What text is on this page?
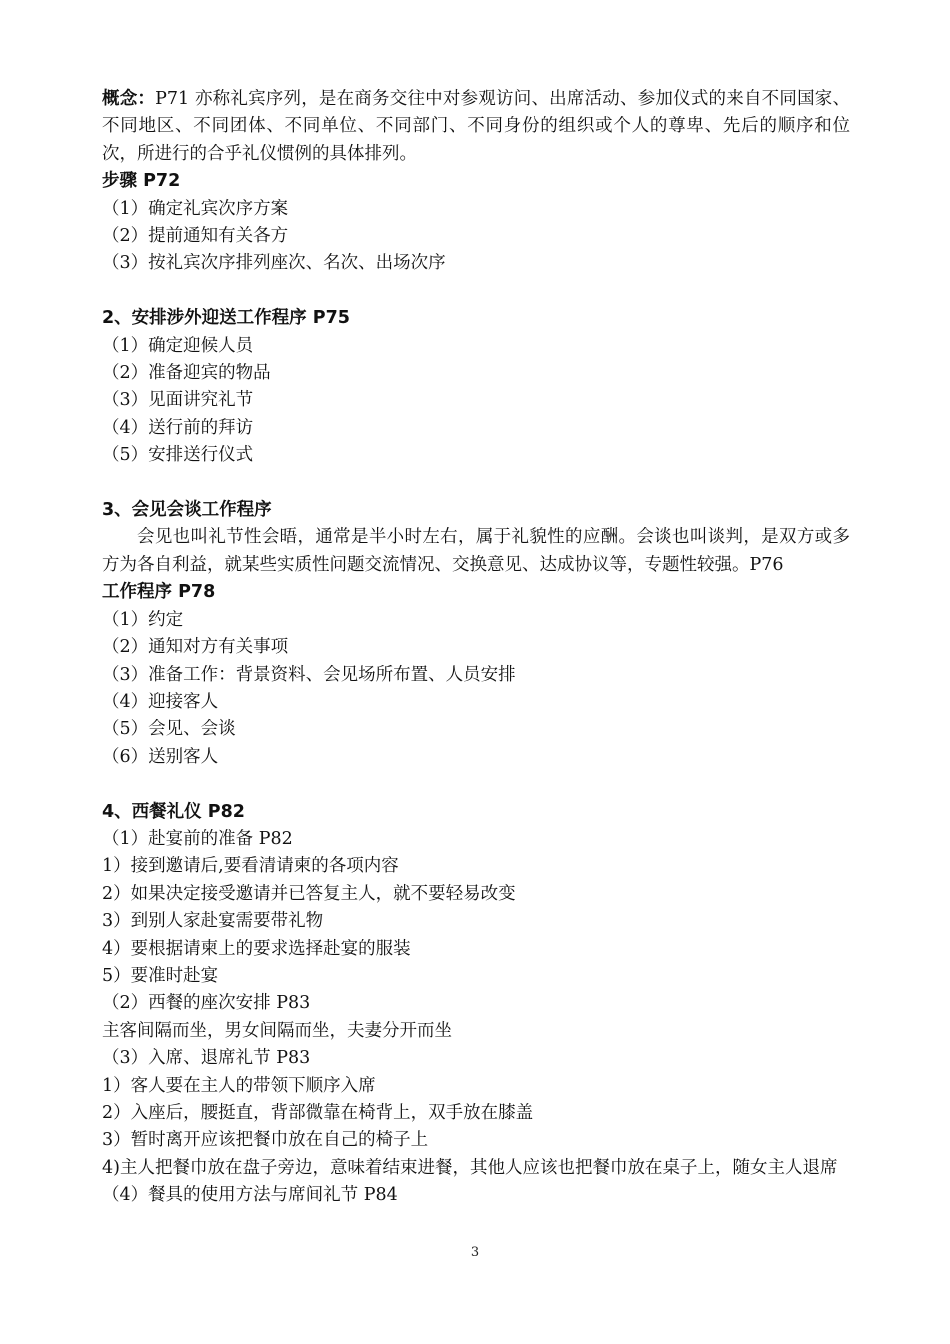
概念：P71 亦称礼宾序列，是在商务交往中对参观访问、出席活动、参加仪式的来自不同国家、不同地区、不同团体、不同单位、不同部门、不同身份的组织或个人的尊卑、先后的顺序和位次，所进行的合乎礼仪惯例的具体排列。

步骤 P72

（1）确定礼宾次序方案

（2）提前通知有关各方

（3）按礼宾次序排列座次、名次、出场次序

2、安排涉外迎送工作程序 P75

（1）确定迎候人员

（2）准备迎宾的物品

（3）见面讲究礼节

（4）送行前的拜访

（5）安排送行仪式

3、会见会谈工作程序

会见也叫礼节性会晤，通常是半小时左右，属于礼貌性的应酬。会谈也叫谈判，是双方或多方为各自利益，就某些实质性问题交流情况、交换意见、达成协议等，专题性较强。P76

工作程序 P78

（1）约定

（2）通知对方有关事项

（3）准备工作：背景资料、会见场所布置、人员安排

（4）迎接客人

（5）会见、会谈

（6）送别客人

4、西餐礼仪 P82

（1）赴宴前的准备 P82

1）接到邀请后,要看清请柬的各项内容

2）如果决定接受邀请并已答复主人，就不要轻易改变

3）到别人家赴宴需要带礼物

4）要根据请柬上的要求选择赴宴的服装

5）要准时赴宴

（2）西餐的座次安排 P83

主客间隔而坐，男女间隔而坐，夫妻分开而坐

（3）入席、退席礼节 P83

1）客人要在主人的带领下顺序入席

2）入座后，腰挺直，背部微靠在椅背上，双手放在膝盖

3）暂时离开应该把餐巾放在自己的椅子上

4)主人把餐巾放在盘子旁边，意味着结束进餐，其他人应该也把餐巾放在桌子上，随女主人退席

（4）餐具的使用方法与席间礼节 P84

3
